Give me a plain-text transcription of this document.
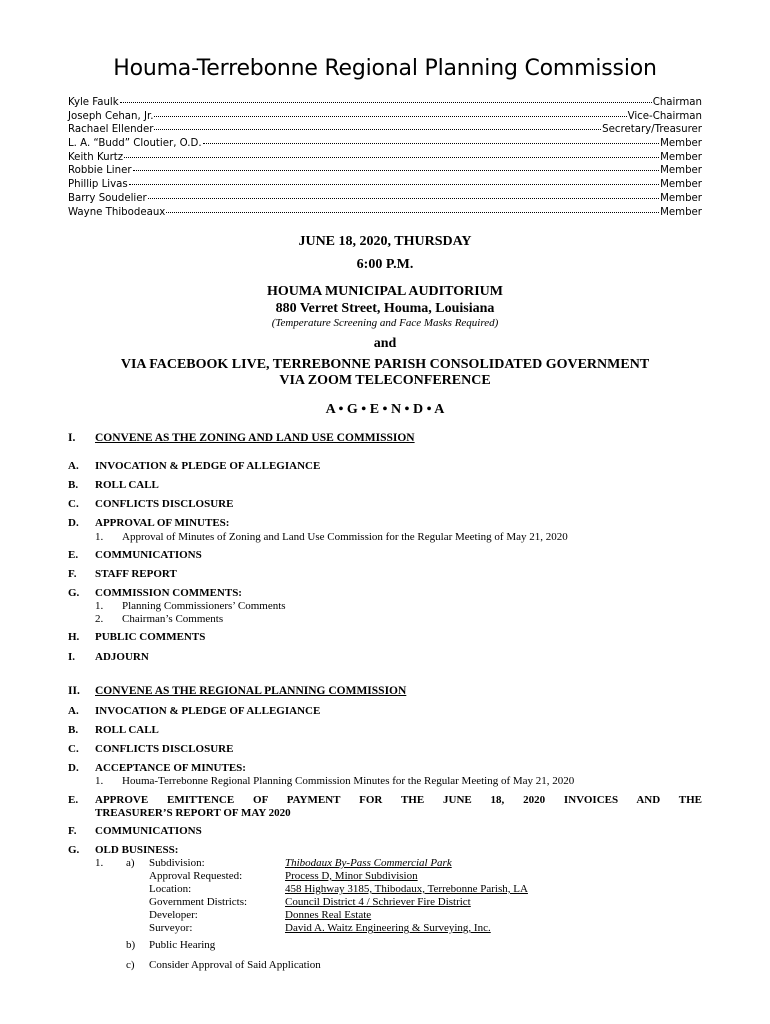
Houma-Terrebonne Regional Planning Commission
Kyle Faulk	Chairman
Joseph Cehan, Jr.	Vice-Chairman
Rachael Ellender	Secretary/Treasurer
L. A. “Budd” Cloutier, O.D.	Member
Keith Kurtz	Member
Robbie Liner	Member
Phillip Livas	Member
Barry Soudelier	Member
Wayne Thibodeaux	Member
JUNE 18, 2020, THURSDAY
6:00 P.M.
HOUMA MUNICIPAL AUDITORIUM
880 Verret Street, Houma, Louisiana
(Temperature Screening and Face Masks Required)
and
VIA FACEBOOK LIVE, TERREBONNE PARISH CONSOLIDATED GOVERNMENT
VIA ZOOM TELECONFERENCE
A • G • E • N • D • A
I. CONVENE AS THE ZONING AND LAND USE COMMISSION
A. INVOCATION & PLEDGE OF ALLEGIANCE
B. ROLL CALL
C. CONFLICTS DISCLOSURE
D. APPROVAL OF MINUTES:
1. Approval of Minutes of Zoning and Land Use Commission for the Regular Meeting of May 21, 2020
E. COMMUNICATIONS
F. STAFF REPORT
G. COMMISSION COMMENTS:
1. Planning Commissioners’ Comments
2. Chairman’s Comments
H. PUBLIC COMMENTS
I. ADJOURN
II. CONVENE AS THE REGIONAL PLANNING COMMISSION
A. INVOCATION & PLEDGE OF ALLEGIANCE
B. ROLL CALL
C. CONFLICTS DISCLOSURE
D. ACCEPTANCE OF MINUTES:
1. Houma-Terrebonne Regional Planning Commission Minutes for the Regular Meeting of May 21, 2020
E. APPROVE EMITTENCE OF PAYMENT FOR THE JUNE 18, 2020 INVOICES AND THE
TREASURER’S REPORT OF MAY 2020
F. COMMUNICATIONS
G. OLD BUSINESS:
1. a) Subdivision:	Thibodaux By-Pass Commercial Park
Approval Requested:	Process D, Minor Subdivision
Location:	458 Highway 3185, Thibodaux, Terrebonne Parish, LA
Government Districts:	Council District 4 / Schriever Fire District
Developer:	Donnes Real Estate
Surveyor:	David A. Waitz Engineering & Surveying, Inc.
b) Public Hearing
c) Consider Approval of Said Application
